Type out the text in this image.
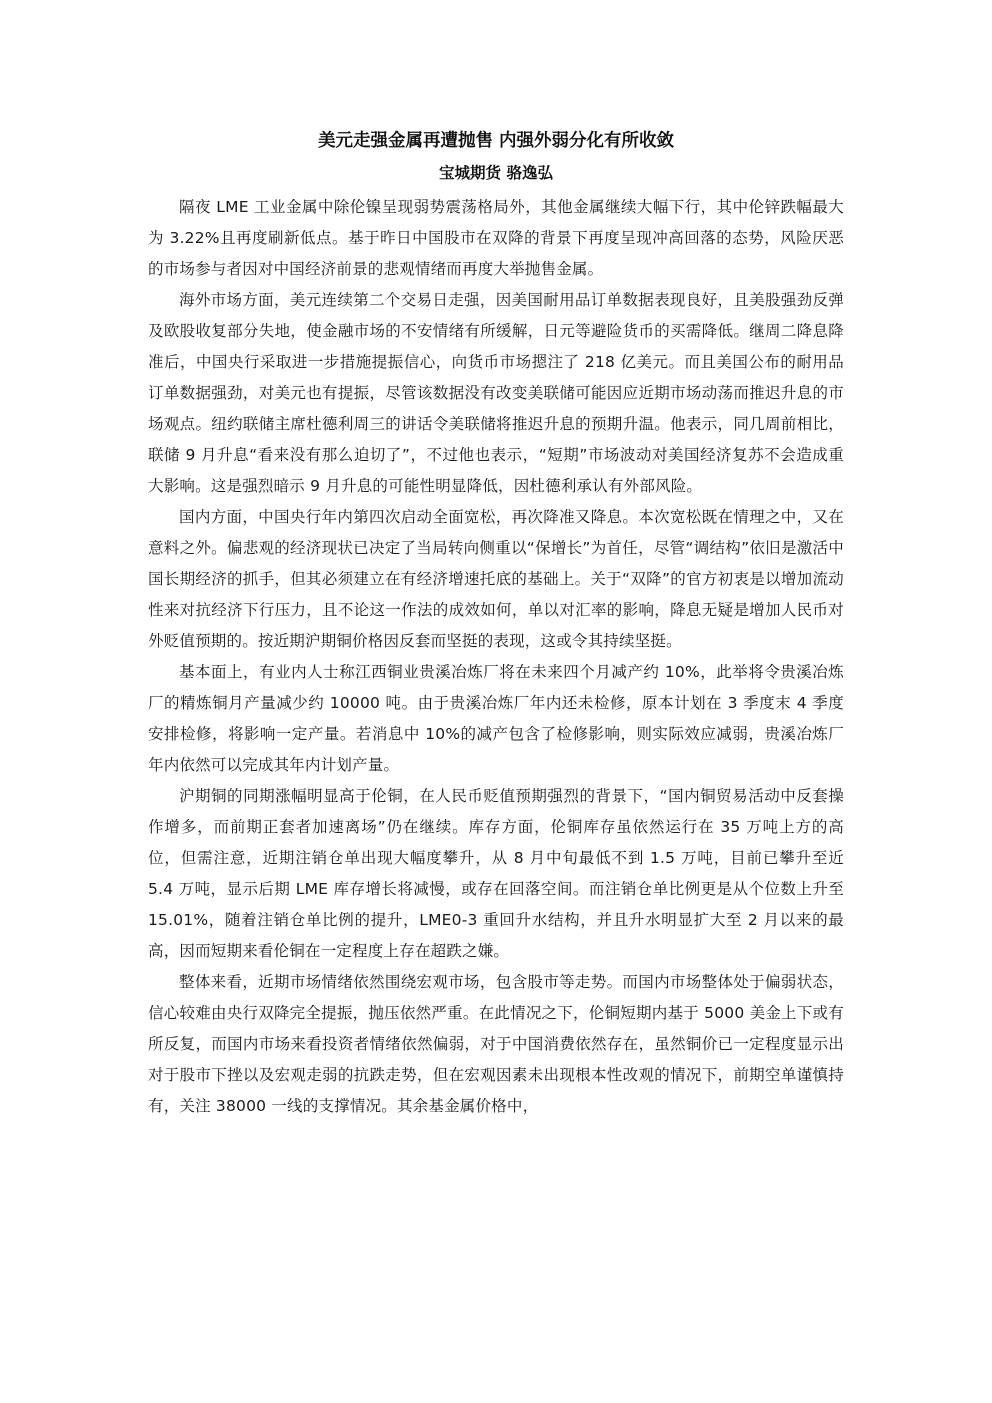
美元走强金属再遭抛售 内强外弱分化有所收敛
宝城期货 骆逸弘

隔夜 LME 工业金属中除伦镍呈现弱势震荡格局外，其他金属继续大幅下行，其中伦锌跌幅最大为 3.22%且再度刷新低点。基于昨日中国股市在双降的背景下再度呈现冲高回落的态势，风险厌恶的市场参与者因对中国经济前景的悲观情绪而再度大举抛售金属。

海外市场方面，美元连续第二个交易日走强，因美国耐用品订单数据表现良好，且美股强劲反弹及欧股收复部分失地，使金融市场的不安情绪有所缓解，日元等避险货币的买需降低。继周二降息降准后，中国央行采取进一步措施提振信心，向货币市场摁注了 218 亿美元。而且美国公布的耐用品订单数据强劲，对美元也有提振，尽管该数据没有改变美联储可能因应近期市场动荡而推迟升息的市场观点。纽约联储主席杜德利周三的讲话令美联储将推迟升息的预期升温。他表示，同几周前相比，联储 9 月升息“看来没有那么迫切了”，不过他也表示，“短期”市场波动对美国经济复苏不会造成重大影响。这是强烈暗示 9 月升息的可能性明显降低，因杜德利承认有外部风险。

国内方面，中国央行年内第四次启动全面宽松，再次降准又降息。本次宽松既在情理之中，又在意料之外。偏悲观的经济现状已决定了当局转向侧重以“保增长”为首任，尽管“调结构”依旧是激活中国长期经济的抓手，但其必须建立在有经济增速托底的基础上。关于“双降”的官方初衷是以增加流动性来对抗经济下行压力，且不论这一作法的成效如何，单以对汇率的影响，降息无疑是增加人民币对外贬值预期的。按近期沪期铜价格因反套而坚挺的表现，这或令其持续坚挺。

基本面上，有业内人士称江西铜业贵溪冶炼厂将在未来四个月减产约 10%，此举将令贵溪冶炼厂的精炼铜月产量减少约 10000 吨。由于贵溪冶炼厂年内还未检修，原本计划在 3 季度末 4 季度安排检修，将影响一定产量。若消息中 10%的减产包含了检修影响，则实际效应减弱，贵溪冶炼厂年内依然可以完成其年内计划产量。

沪期铜的同期涨幅明显高于伦铜，在人民币贬值预期强烈的背景下，“国内铜贸易活动中反套操作增多，而前期正套者加速离场”仍在继续。库存方面，伦铜库存虽依然运行在 35 万吨上方的高位，但需注意，近期注销仓单出现大幅度攀升，从 8 月中旬最低不到 1.5 万吨，目前已攀升至近 5.4 万吨，显示后期 LME 库存增长将减慢，或存在回落空间。而注销仓单比例更是从个位数上升至 15.01%，随着注销仓单比例的提升，LME0-3 重回升水结构，并且升水明显扩大至 2 月以来的最高，因而短期来看伦铜在一定程度上存在超跌之嫌。

整体来看，近期市场情绪依然围绕宏观市场，包含股市等走势。而国内市场整体处于偏弱状态，信心较难由央行双降完全提振，抛压依然严重。在此情况之下，伦铜短期内基于 5000 美金上下或有所反复，而国内市场来看投资者情绪依然偏弱，对于中国消费依然存在，虽然铜价已一定程度显示出对于股市下挫以及宏观走弱的抗跌走势，但在宏观因素未出现根本性改观的情况下，前期空单谨慎持有，关注 38000 一线的支撑情况。其余基金属价格中，
